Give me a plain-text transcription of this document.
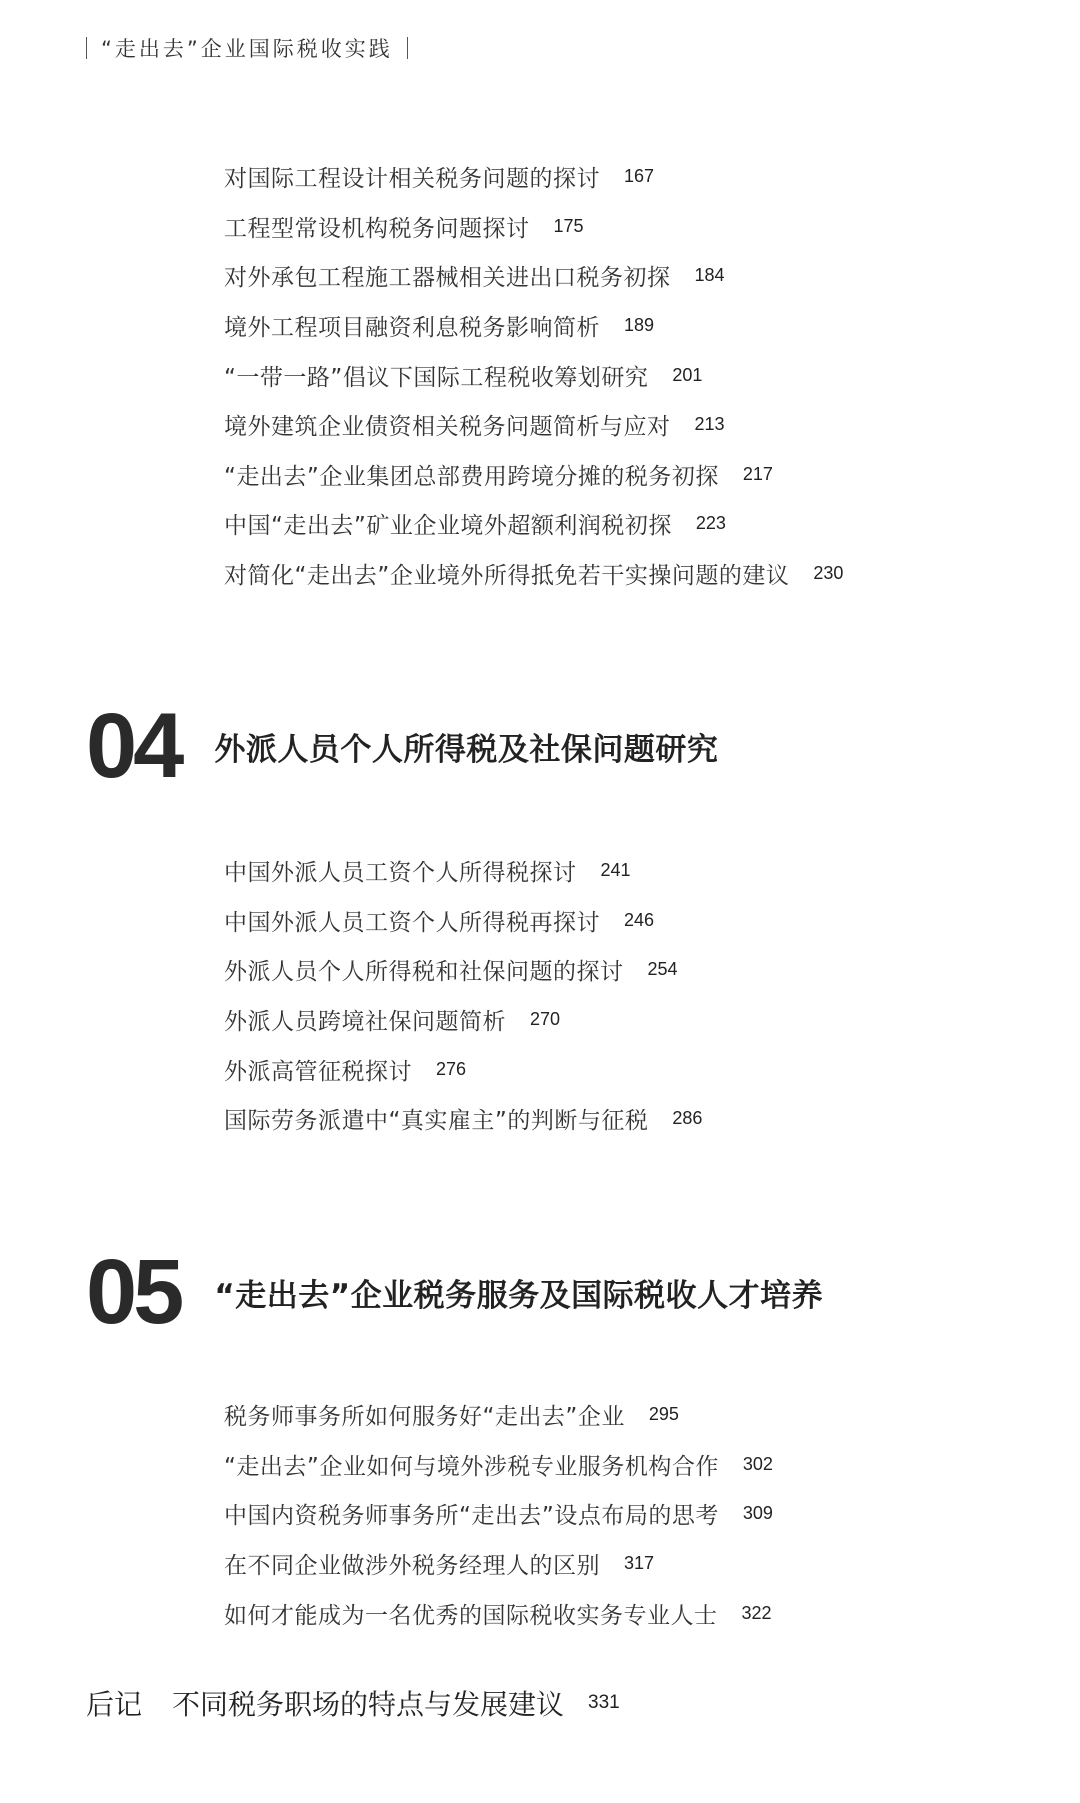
“走出去”企业国际税收实践
对国际工程设计相关税务问题的探讨 167
工程型常设机构税务问题探讨 175
对外承包工程施工器械相关进出口税务初探 184
境外工程项目融资利息税务影响简析 189
“一带一路”倡议下国际工程税收筹划研究 201
境外建筑企业债资相关税务问题简析与应对 213
“走出去”企业集团总部费用跨境分摊的税务初探 217
中国“走出去”矿业企业境外超额利润税初探 223
对简化“走出去”企业境外所得抵免若干实操问题的建议 230
04 外派人员个人所得税及社保问题研究
中国外派人员工资个人所得税探讨 241
中国外派人员工资个人所得税再探讨 246
外派人员个人所得税和社保问题的探讨 254
外派人员跨境社保问题简析 270
外派高管征税探讨 276
国际劳务派遣中“真实雇主”的判断与征税 286
05 “走出去”企业税务服务及国际税收人才培养
税务师事务所如何服务好“走出去”企业 295
“走出去”企业如何与境外涉税专业服务机构合作 302
中国内资税务师事务所“走出去”设点布局的思考 309
在不同企业做涉外税务经理人的区别 317
如何才能成为一名优秀的国际税收实务专业人士 322
后记 不同税务职场的特点与发展建议 331
